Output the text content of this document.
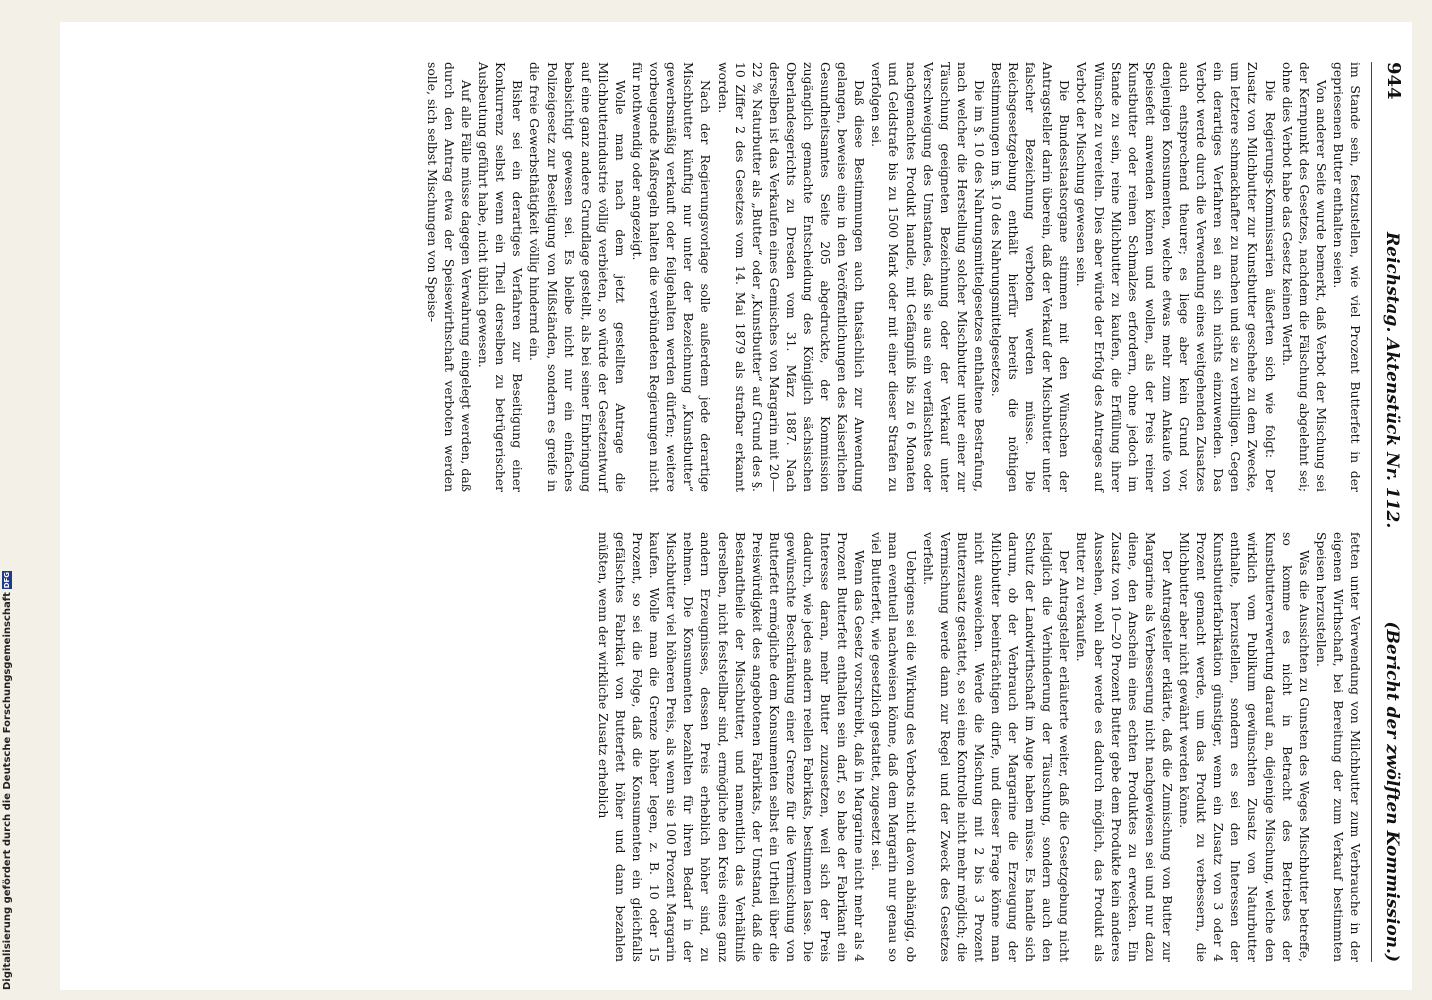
944
Reichstag. Aktenstück Nr. 112.
(Bericht der zwölften Kommission.)

im Stande sein, festzustellen, wie viel Prozent Butterfett in der gepriesenen Butter enthalten seien.

Von anderer Seite wurde bemerkt, daß Verbot der Mischung sei der Kernpunkt des Gesetzes, nachdem die Fälschung abgelehnt sei; ohne dies Verbot habe das Gesetz keinen Werth.

Die Regierungs-Kommissarien äußerten sich wie folgt: Der Zusatz von Milchbutter zur Kunstbutter geschehe zu dem Zwecke, um letztere schmackhafter zu machen und sie zu verbilligen. Gegen ein derartiges Verfahren sei an sich nichts einzuwenden. Das Verbot werde durch die Verwendung eines weitgehenden Zusatzes auch entsprechend theurer; es liege aber kein Grund vor, denjenigen Konsumenten, welche etwas mehr zum Ankaufe von Speisefett anwenden können und wollen, als der Preis reiner Kunstbutter oder reinen Schmalzes erfordern, ohne jedoch im Stande zu sein, reine Milchbutter zu kaufen, die Erfüllung ihrer Wünsche zu vereiteln. Dies aber würde der Erfolg des Antrages auf Verbot der Mischung gewesen sein.

Die Bundesstaatsorgane stimmen mit den Wünschen der Antragsteller darin überein, daß der Verkauf der Mischbutter unter falscher Bezeichnung verboten werden müsse. Die Reichsgesetzgebung enthält hierfür bereits die nöthigen Bestimmungen im §. 10 des Nahrungsmittelgesetzes.

Die im §. 10 des Nahrungsmittelgesetzes enthaltene Bestrafung, nach welcher die Herstellung solcher Mischbutter unter einer zur Täuschung geeigneten Bezeichnung oder der Verkauf unter Verschweigung des Umstandes, daß sie aus ein verfälschtes oder nachgemachtes Produkt handle, mit Gefängniß bis zu 6 Monaten und Geldstrafe bis zu 1500 Mark oder mit einer dieser Strafen zu verfolgen sei.

Daß diese Bestimmungen auch thatsächlich zur Anwendung gelangen, beweise eine in den Veröffentlichungen des Kaiserlichen Gesundheitsamtes Seite 205 abgedruckte, der Kommission zugänglich gemachte Entscheidung des Königlich sächsischen Oberlandesgerichts zu Dresden vom 31. März 1887. Nach derselben ist das Verkaufen eines Gemisches von Margarin mit 20—22 % Naturbutter als „Butter“ oder „Kunstbutter“ auf Grund des §. 10 Ziffer 2 des Gesetzes vom 14. Mai 1879 als strafbar erkannt worden.

Nach der Regierungsvorlage solle außerdem jede derartige Mischbutter künftig nur unter der Bezeichnung „Kunstbutter“ gewerbsmäßig verkauft oder feilgehalten werden dürfen; weitere vorbeugende Maßregeln halten die verbündeten Regierungen nicht für nothwendig oder angezeigt.

Wolle man nach dem jetzt gestellten Antrage die Milchbutterindustrie völlig verbieten, so würde der Gesetzentwurf auf eine ganz andere Grundlage gestellt, als bei seiner Einbringung beabsichtigt gewesen sei. Es bleibe nicht nur ein einfaches Polizeigesetz zur Beseitigung von Mißständen, sondern es greife in die freie Gewerbsthätigkeit völlig hindernd ein.

Bisher sei ein derartiges Verfahren zur Beseitigung einer Konkurrenz selbst wenn ein Theil derselben zu betrügerischer Ausbeutung geführt habe, nicht üblich gewesen.

Auf alle Fälle müsse dagegen Verwahrung eingelegt werden, daß durch den Antrag etwa der Speisewirthschaft verboten werden solle, sich selbst Mischungen von Speise-

fetten unter Verwendung von Milchbutter zum Verbrauche in der eigenen Wirthschaft, bei Bereitung der zum Verkauf bestimmten Speisen herzustellen.

Was die Aussichten zu Gunsten des Weges Mischbutter betreffe, so komme es nicht in Betracht des Betriebes der Kunstbutterverwertung darauf an, diejenige Mischung, welche den wirklich vom Publikum gewünschten Zusatz von Naturbutter enthalte, herzustellen, sondern es sei den Interessen der Kunstbutterfabrikation günstiger, wenn ein Zusatz von 3 oder 4 Prozent gemacht werde, um das Produkt zu verbessern, die Milchbutter aber nicht gewährt werden könne.

Der Antragsteller erklärte, daß die Zumischung von Butter zur Margarine als Verbesserung nicht nachgewiesen sei und nur dazu diene, den Anschein eines echten Produktes zu erwecken. Ein Zusatz von 10—20 Prozent Butter gebe dem Produkte kein anderes Aussehen, wohl aber werde es dadurch möglich, das Produkt als Butter zu verkaufen.

Der Antragsteller erläuterte weiter, daß die Gesetzgebung nicht lediglich die Verhinderung der Täuschung, sondern auch den Schutz der Landwirthschaft im Auge haben müsse. Es handle sich darum, ob der Verbrauch der Margarine die Erzeugung der Milchbutter beeinträchtigen dürfe, und dieser Frage könne man nicht ausweichen. Werde die Mischung mit 2 bis 3 Prozent Butterzusatz gestattet, so sei eine Kontrolle nicht mehr möglich; die Vermischung werde dann zur Regel und der Zweck des Gesetzes verfehlt.

Uebrigens sei die Wirkung des Verbots nicht davon abhängig, ob man eventuell nachweisen könne, daß dem Margarin nur genau so viel Butterfett, wie gesetzlich gestattet, zugesetzt sei.

Wenn das Gesetz vorschreibt, daß in Margarine nicht mehr als 4 Prozent Butterfett enthalten sein darf, so habe der Fabrikant ein Interesse daran, mehr Butter zuzusetzen, weil sich der Preis dadurch, wie jedes andern reellen Fabrikats, bestimmen lasse. Die gewünschte Beschränkung einer Grenze für die Vermischung von Butterfett ermögliche dem Konsumenten selbst ein Urtheil über die Preiswürdigkeit des angebotenen Fabrikats, der Umstand, daß die Bestandtheile der Mischbutter, und namentlich das Verhältniß derselben, nicht feststellbar sind, ermögliche den Kreis eines ganz andern Erzeugnisses, dessen Preis erheblich höher sind, zu nehmen. Die Konsumenten bezahlten für ihren Bedarf in der Mischbutter viel höheren Preis, als wenn sie 100 Prozent Margarin kaufen. Wolle man die Grenze höher legen, z. B. 10 oder 15 Prozent, so sei die Folge, daß die Konsumenten ein gleichfalls gefälschtes Fabrikat von Butterfett höher und dann bezahlen müßten, wenn der wirkliche Zusatz erheblich

Digitalisierung gefördert durch die Deutsche ForschungsgemeinschaftDFG
